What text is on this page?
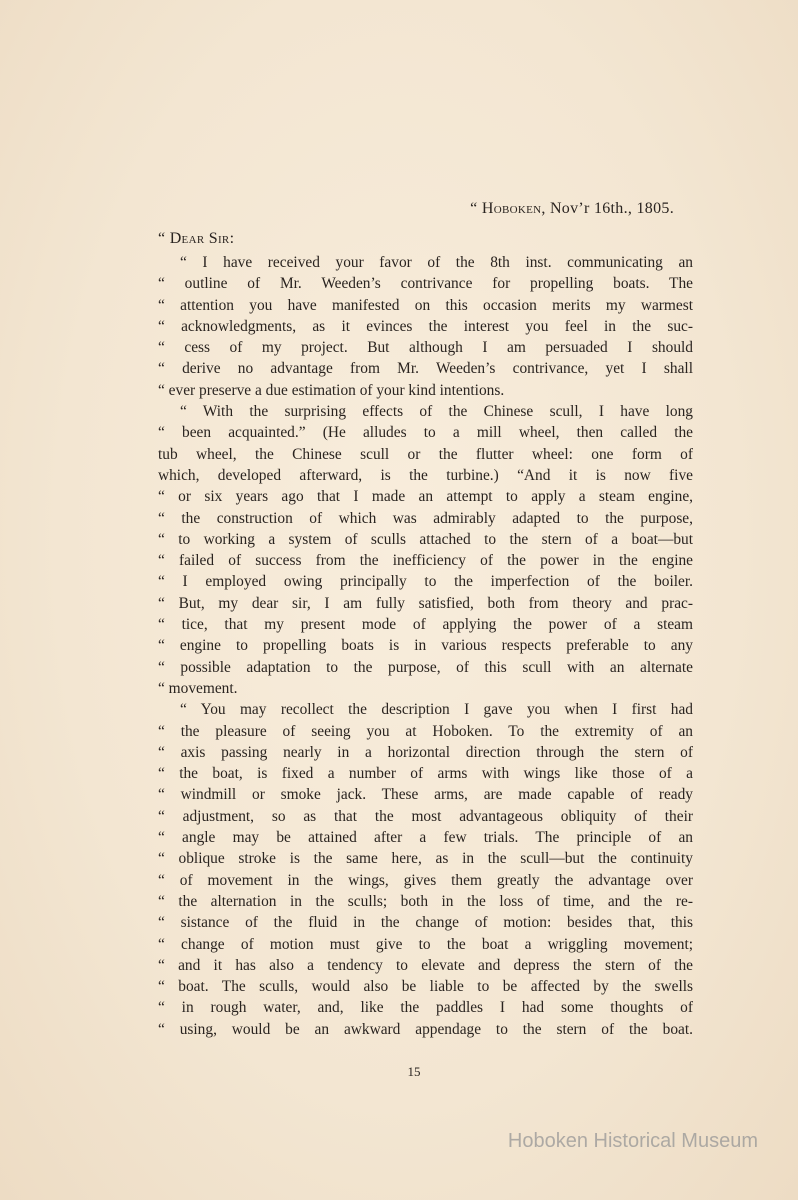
“ Hoboken, Nov’r 16th., 1805.
“ Dear Sir:
“ I have received your favor of the 8th inst. communicating an
“ outline of Mr. Weeden’s contrivance for propelling boats. The
“ attention you have manifested on this occasion merits my warmest
“ acknowledgments, as it evinces the interest you feel in the suc-
“ cess of my project. But although I am persuaded I should
“ derive no advantage from Mr. Weeden’s contrivance, yet I shall
“ ever preserve a due estimation of your kind intentions.
“ With the surprising effects of the Chinese scull, I have long
“ been acquainted.” (He alludes to a mill wheel, then called the
tub wheel, the Chinese scull or the flutter wheel: one form of
which, developed afterward, is the turbine.) “And it is now five
“ or six years ago that I made an attempt to apply a steam engine,
“ the construction of which was admirably adapted to the purpose,
“ to working a system of sculls attached to the stern of a boat—but
“ failed of success from the inefficiency of the power in the engine
“ I employed owing principally to the imperfection of the boiler.
“ But, my dear sir, I am fully satisfied, both from theory and prac-
“ tice, that my present mode of applying the power of a steam
“ engine to propelling boats is in various respects preferable to any
“ possible adaptation to the purpose, of this scull with an alternate
“ movement.
“ You may recollect the description I gave you when I first had
“ the pleasure of seeing you at Hoboken. To the extremity of an
“ axis passing nearly in a horizontal direction through the stern of
“ the boat, is fixed a number of arms with wings like those of a
“ windmill or smoke jack. These arms, are made capable of ready
“ adjustment, so as that the most advantageous obliquity of their
“ angle may be attained after a few trials. The principle of an
“ oblique stroke is the same here, as in the scull—but the continuity
“ of movement in the wings, gives them greatly the advantage over
“ the alternation in the sculls; both in the loss of time, and the re-
“ sistance of the fluid in the change of motion: besides that, this
“ change of motion must give to the boat a wriggling movement;
“ and it has also a tendency to elevate and depress the stern of the
“ boat. The sculls, would also be liable to be affected by the swells
“ in rough water, and, like the paddles I had some thoughts of
“ using, would be an awkward appendage to the stern of the boat.
15
Hoboken Historical Museum
